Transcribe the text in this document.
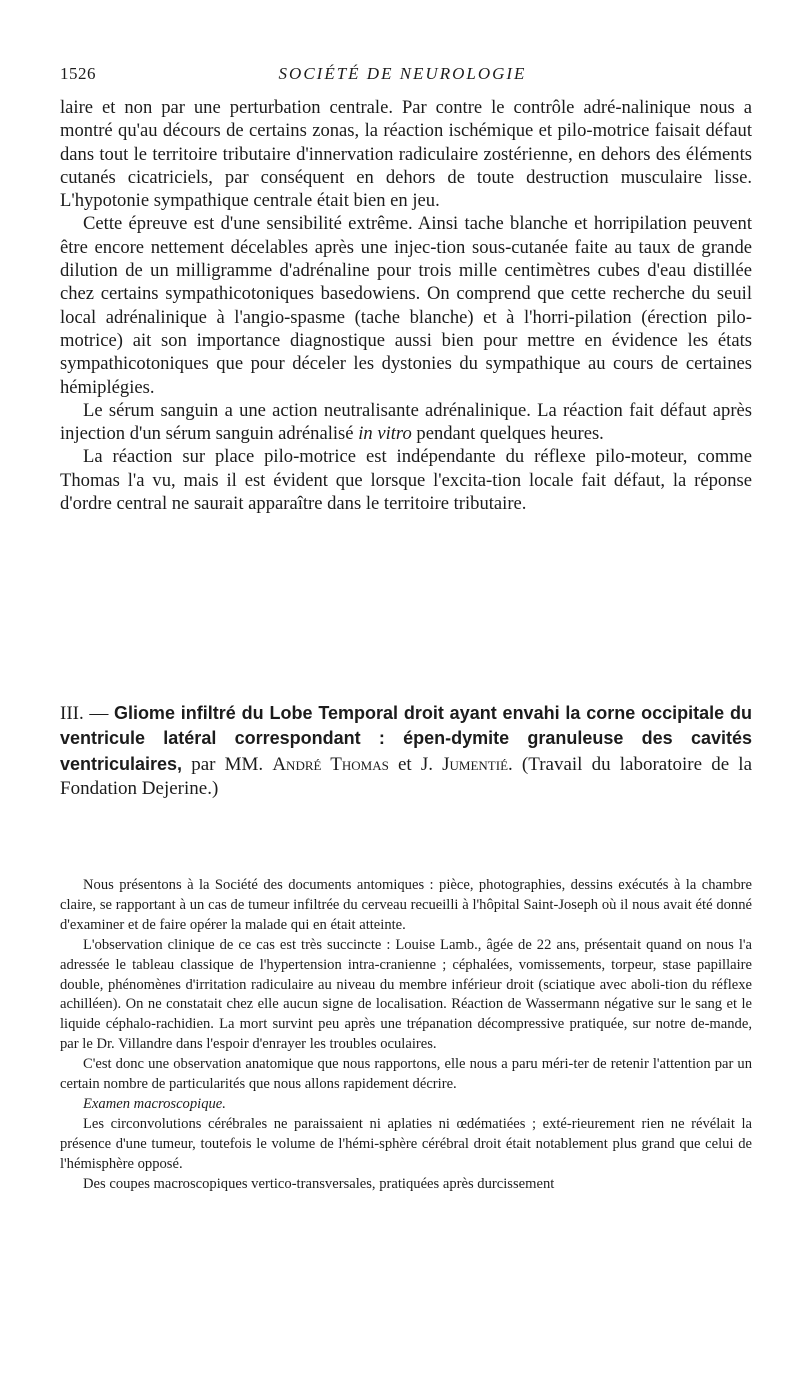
1526	SOCIÉTÉ DE NEUROLOGIE

laire et non par une perturbation centrale. Par contre le contrôle adré-nalinique nous a montré qu'au décours de certains zonas, la réaction ischémique et pilo-motrice faisait défaut dans tout le territoire tributaire d'innervation radiculaire zostérienne, en dehors des éléments cutanés cicatriciels, par conséquent en dehors de toute destruction musculaire lisse. L'hypotonie sympathique centrale était bien en jeu.

Cette épreuve est d'une sensibilité extrême. Ainsi tache blanche et horripilation peuvent être encore nettement décelables après une injec-tion sous-cutanée faite au taux de grande dilution de un milligramme d'adrénaline pour trois mille centimètres cubes d'eau distillée chez certains sympathicotoniques basedowiens. On comprend que cette recherche du seuil local adrénalinique à l'angio-spasme (tache blanche) et à l'horri-pilation (érection pilo-motrice) ait son importance diagnostique aussi bien pour mettre en évidence les états sympathicotoniques que pour déceler les dystonies du sympathique au cours de certaines hémiplégies.

Le sérum sanguin a une action neutralisante adrénalinique. La réaction fait défaut après injection d'un sérum sanguin adrénalisé in vitro pendant quelques heures.

La réaction sur place pilo-motrice est indépendante du réflexe pilo-moteur, comme Thomas l'a vu, mais il est évident que lorsque l'excita-tion locale fait défaut, la réponse d'ordre central ne saurait apparaître dans le territoire tributaire.

III. — Gliome infiltré du Lobe Temporal droit ayant envahi la corne occipitale du ventricule latéral correspondant : épen-dymite granuleuse des cavités ventriculaires, par MM. André Thomas et J. Jumentié. (Travail du laboratoire de la Fondation Dejerine.)

Nous présentons à la Société des documents antomiques : pièce, photographies, dessins exécutés à la chambre claire, se rapportant à un cas de tumeur infiltrée du cerveau recueilli à l'hôpital Saint-Joseph où il nous avait été donné d'examiner et de faire opérer la malade qui en était atteinte.

L'observation clinique de ce cas est très succincte : Louise Lamb., âgée de 22 ans, présentait quand on nous l'a adressée le tableau classique de l'hypertension intra-cranienne ; céphalées, vomissements, torpeur, stase papillaire double, phénomènes d'irritation radiculaire au niveau du membre inférieur droit (sciatique avec aboli-tion du réflexe achilléen). On ne constatait chez elle aucun signe de localisation. Réaction de Wassermann négative sur le sang et le liquide céphalo-rachidien. La mort survint peu après une trépanation décompressive pratiquée, sur notre de-mande, par le Dr. Villandre dans l'espoir d'enrayer les troubles oculaires.

C'est donc une observation anatomique que nous rapportons, elle nous a paru méri-ter de retenir l'attention par un certain nombre de particularités que nous allons rapidement décrire.

Examen macroscopique.

Les circonvolutions cérébrales ne paraissaient ni aplaties ni œdématiées ; exté-rieurement rien ne révélait la présence d'une tumeur, toutefois le volume de l'hémi-sphère cérébral droit était notablement plus grand que celui de l'hémisphère opposé.

Des coupes macroscopiques vertico-transversales, pratiquées après durcissement
